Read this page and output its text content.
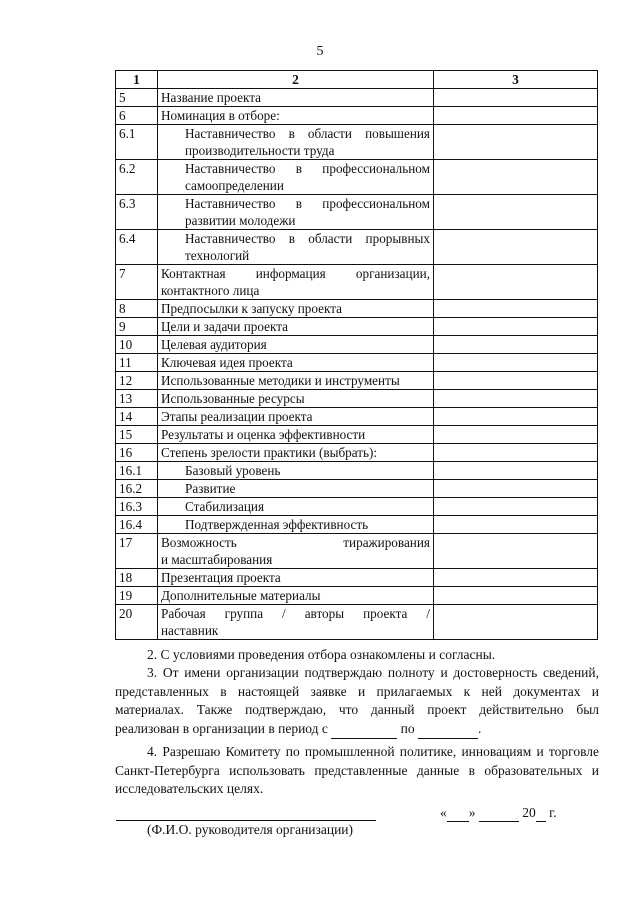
5
1	2	3
5	Название проекта	
6	Номинация в отборе:	
6.1	Наставничество в области повышения
производительности труда	

6.2	Наставничество в профессиональном
самоопределении	

6.3	Наставничество в профессиональном
развитии молодежи	

6.4	Наставничество в области прорывных
технологий	

7	Контактная информация организации,
контактного лица	

8	Предпосылки к запуску проекта	
9	Цели и задачи проекта	
10	Целевая аудитория	
11	Ключевая идея проекта	
12	Использованные методики и инструменты	
13	Использованные ресурсы	
14	Этапы реализации проекта	
15	Результаты и оценка эффективности	
16	Степень зрелости практики (выбрать):	
16.1	Базовый уровень	
16.2	Развитие	
16.3	Стабилизация	
16.4	Подтвержденная эффективность	
17	Возможность тиражирования
и масштабирования	

18	Презентация проекта	
19	Дополнительные материалы	
20	Рабочая группа / авторы проекта /
наставник	

2. С условиями проведения отбора ознакомлены и согласны.
3. От имени организации подтверждаю полноту и достоверность сведений, представленных в настоящей заявке и прилагаемых к ней документах и материалах. Также подтверждаю, что данный проект действительно был реализован в организации в период с	по	.
4. Разрешаю Комитету по промышленной политике, инновациям и торговле Санкт-Петербурга использовать представленные данные в образовательных и исследовательских целях.
« »	20 г.
(Ф.И.О. руководителя организации)
